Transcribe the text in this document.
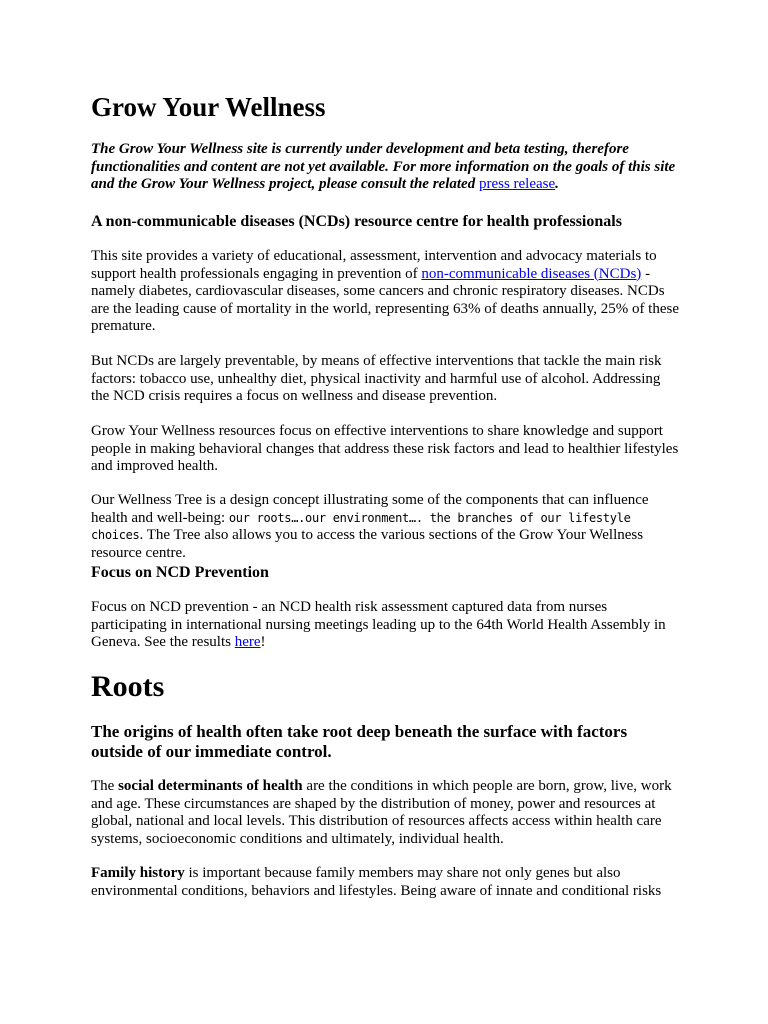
Grow Your Wellness

The Grow Your Wellness site is currently under development and beta testing, therefore functionalities and content are not yet available. For more information on the goals of this site and the Grow Your Wellness project, please consult the related press release.

A non-communicable diseases (NCDs) resource centre for health professionals

This site provides a variety of educational, assessment, intervention and advocacy materials to support health professionals engaging in prevention of non-communicable diseases (NCDs) - namely diabetes, cardiovascular diseases, some cancers and chronic respiratory diseases. NCDs are the leading cause of mortality in the world, representing 63% of deaths annually, 25% of these premature.

But NCDs are largely preventable, by means of effective interventions that tackle the main risk factors: tobacco use, unhealthy diet, physical inactivity and harmful use of alcohol. Addressing the NCD crisis requires a focus on wellness and disease prevention.

Grow Your Wellness resources focus on effective interventions to share knowledge and support people in making behavioral changes that address these risk factors and lead to healthier lifestyles and improved health.

Our Wellness Tree is a design concept illustrating some of the components that can influence health and well-being: our roots….our environment…. the branches of our lifestyle choices. The Tree also allows you to access the various sections of the Grow Your Wellness resource centre.

Focus on NCD Prevention

Focus on NCD prevention - an NCD health risk assessment captured data from nurses participating in international nursing meetings leading up to the 64th World Health Assembly in Geneva. See the results here!

Roots
The origins of health often take root deep beneath the surface with factors outside of our immediate control.

The social determinants of health are the conditions in which people are born, grow, live, work and age. These circumstances are shaped by the distribution of money, power and resources at global, national and local levels. This distribution of resources affects access within health care systems, socioeconomic conditions and ultimately, individual health.

Family history is important because family members may share not only genes but also environmental conditions, behaviors and lifestyles. Being aware of innate and conditional risks
